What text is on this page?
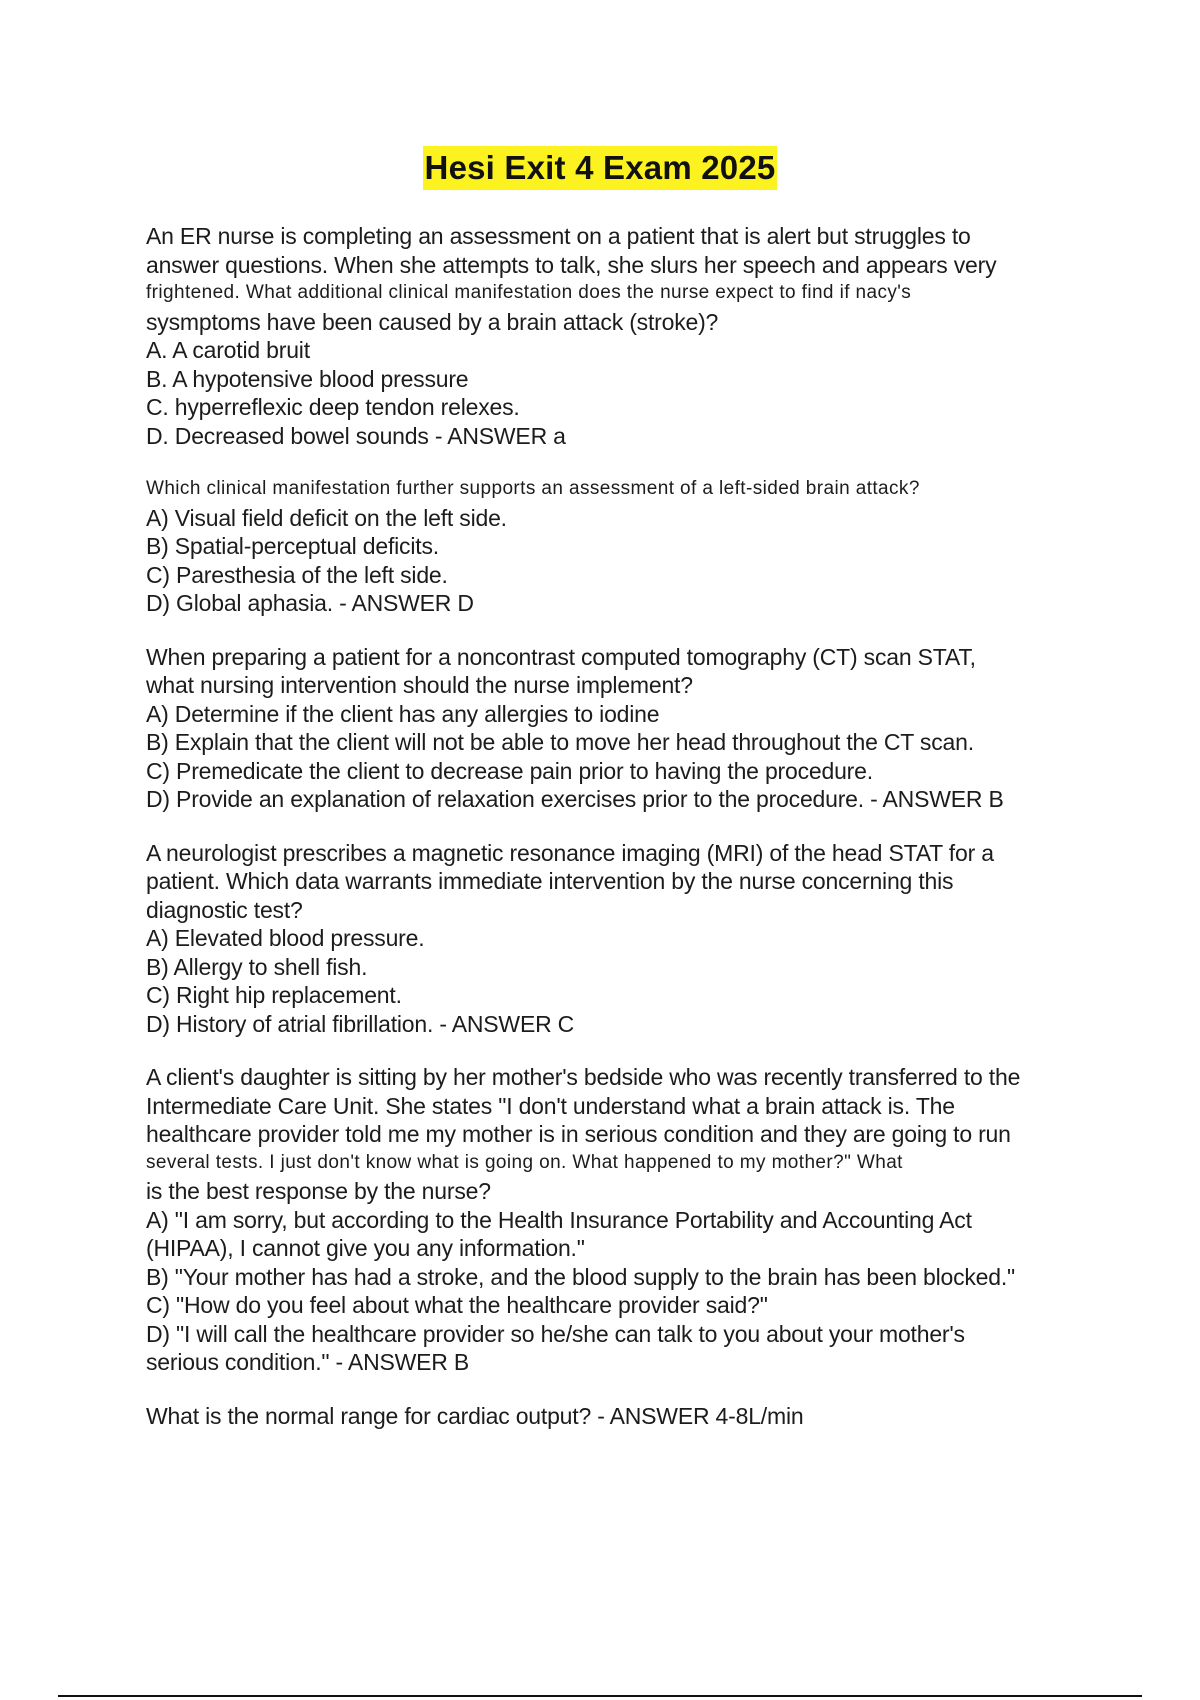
Hesi Exit 4 Exam 2025
An ER nurse is completing an assessment on a patient that is alert but struggles to
answer questions. When she attempts to talk, she slurs her speech and appears very
frightened. What additional clinical manifestation does the nurse expect to find if nacy's
sysmptoms have been caused by a brain attack (stroke)?
A. A carotid bruit
B. A hypotensive blood pressure
C. hyperreflexic deep tendon relexes.
D. Decreased bowel sounds - ANSWER a
Which clinical manifestation further supports an assessment of a left-sided brain attack?
A) Visual field deficit on the left side.
B) Spatial-perceptual deficits.
C) Paresthesia of the left side.
D) Global aphasia. - ANSWER D
When preparing a patient for a noncontrast computed tomography (CT) scan STAT,
what nursing intervention should the nurse implement?
A) Determine if the client has any allergies to iodine
B) Explain that the client will not be able to move her head throughout the CT scan.
C) Premedicate the client to decrease pain prior to having the procedure.
D) Provide an explanation of relaxation exercises prior to the procedure. - ANSWER B
A neurologist prescribes a magnetic resonance imaging (MRI) of the head STAT for a
patient. Which data warrants immediate intervention by the nurse concerning this
diagnostic test?
A) Elevated blood pressure.
B) Allergy to shell fish.
C) Right hip replacement.
D) History of atrial fibrillation. - ANSWER C
A client's daughter is sitting by her mother's bedside who was recently transferred to the
Intermediate Care Unit. She states "I don't understand what a brain attack is. The
healthcare provider told me my mother is in serious condition and they are going to run
several tests. I just don't know what is going on. What happened to my mother?" What
is the best response by the nurse?
A) "I am sorry, but according to the Health Insurance Portability and Accounting Act
(HIPAA), I cannot give you any information."
B) "Your mother has had a stroke, and the blood supply to the brain has been blocked."
C) "How do you feel about what the healthcare provider said?"
D) "I will call the healthcare provider so he/she can talk to you about your mother's
serious condition." - ANSWER B
What is the normal range for cardiac output? - ANSWER 4-8L/min
